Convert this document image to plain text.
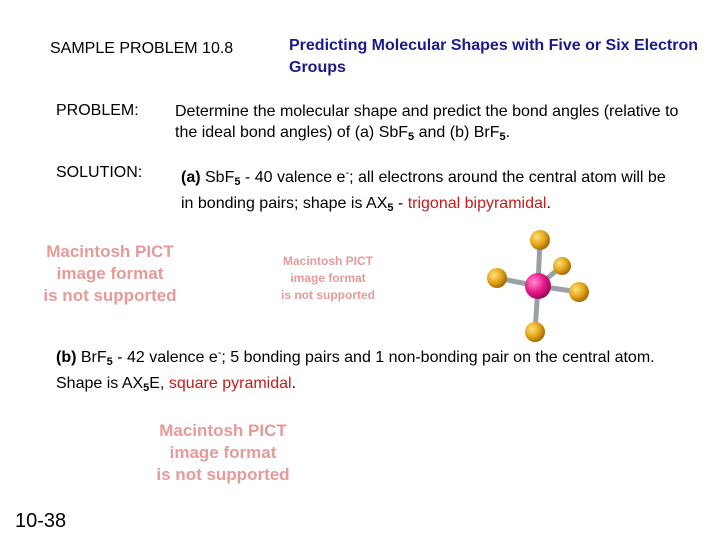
SAMPLE PROBLEM 10.8	Predicting Molecular Shapes with Five or Six Electron Groups
PROBLEM: Determine the molecular shape and predict the bond angles (relative to the ideal bond angles) of (a) SbF$_5$ and (b) BrF$_5$.
SOLUTION: (a) SbF$_5$ - 40 valence e-; all electrons around the central atom will be in bonding pairs; shape is $AX_5$ - trigonal bipyramidal.
Macintosh PICT
image format
is not supported
Macintosh PICT
image format
is not supported
(b) BrF$_5$ - 42 valence e-; 5 bonding pairs and 1 non-bonding pair on the central atom. Shape is $AX_5E$, square pyramidal.
Macintosh PICT
image format
is not supported
10-38
